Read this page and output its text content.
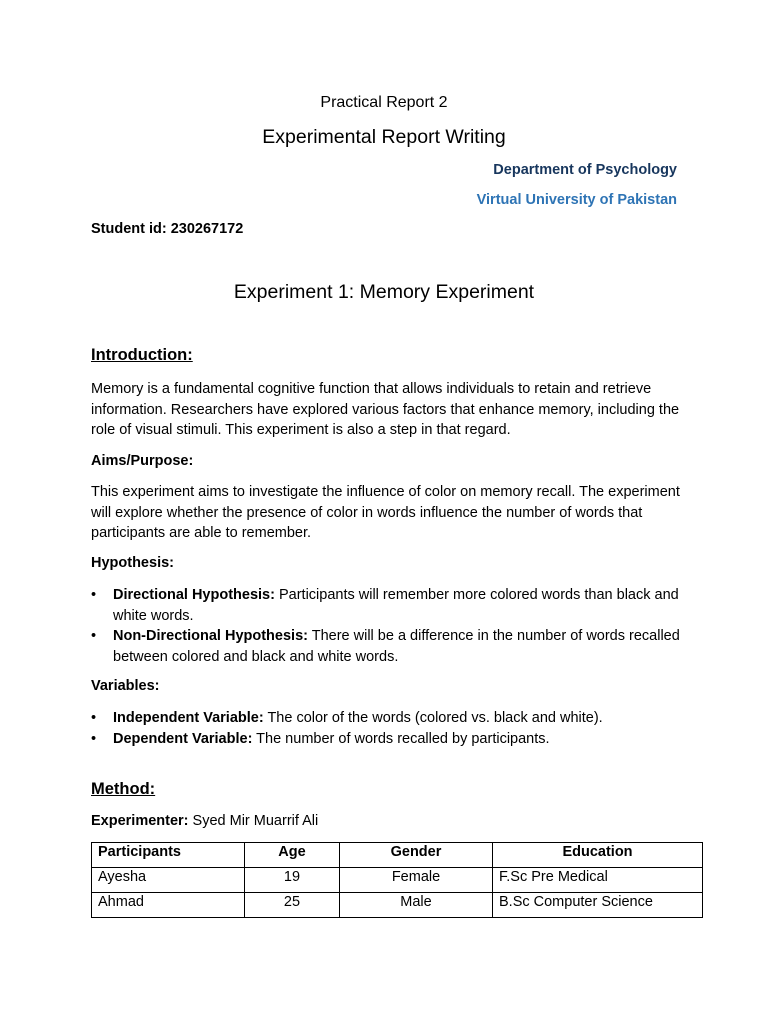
Practical Report 2
Experimental Report Writing
Department of Psychology
Virtual University of Pakistan
Student id: 230267172
Experiment 1: Memory Experiment
Introduction:
Memory is a fundamental cognitive function that allows individuals to retain and retrieve information. Researchers have explored various factors that enhance memory, including the role of visual stimuli. This experiment is also a step in that regard.
Aims/Purpose:
This experiment aims to investigate the influence of color on memory recall. The experiment will explore whether the presence of color in words influence the number of words that participants are able to remember.
Hypothesis:
• Directional Hypothesis: Participants will remember more colored words than black and white words.
• Non-Directional Hypothesis: There will be a difference in the number of words recalled between colored and black and white words.
Variables:
• Independent Variable: The color of the words (colored vs. black and white).
• Dependent Variable: The number of words recalled by participants.
Method:
Experimenter: Syed Mir Muarrif Ali
Participants	Age	Gender	Education
Ayesha	19	Female	F.Sc Pre Medical
Ahmad	25	Male	B.Sc Computer Science
